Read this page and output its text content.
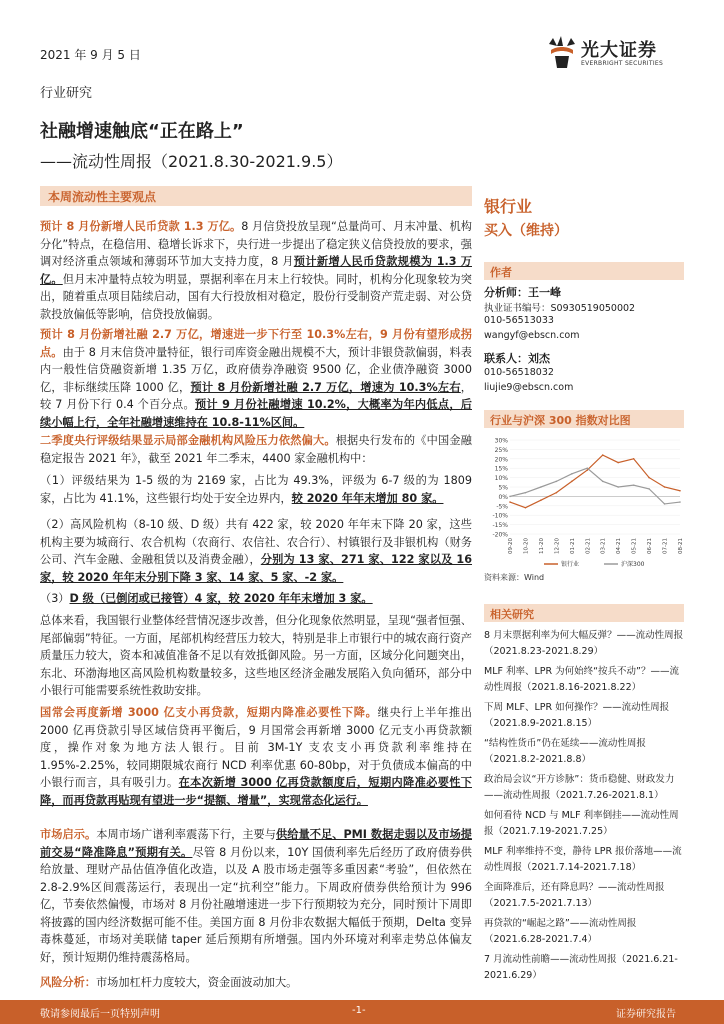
2021 年 9 月 5 日	光大证券
EVERBRIGHT SECURITIES
行业研究
社融增速触底“正在路上”
——流动性周报（2021.8.30-2021.9.5）
本周流动性主要观点

预计 8 月份新增人民币贷款 1.3 万亿。8 月信贷投放呈现“总量尚可、月末冲量、机构分化”特点，在稳信用、稳增长诉求下，央行进一步提出了稳定狭义信贷投放的要求，强调对经济重点领域和薄弱环节加大支持力度，8 月预计新增人民币贷款规模为 1.3 万亿。但月末冲量特点较为明显，票据利率在月末上行较快。同时，机构分化现象较为突出，随着重点项目陆续启动，国有大行投放相对稳定，股份行受制资产荒走弱、对公贷款投放偏低等影响，信贷投放偏弱。

预计 8 月份新增社融 2.7 万亿，增速进一步下行至 10.3%左右，9 月份有望形成拐点。由于 8 月末信贷冲量特征，银行司库资金融出规模不大，预计非银贷款偏弱，料表内一般性信贷融资新增 1.35 万亿，政府债券净融资 9500 亿，企业债净融资 3000 亿，非标继续压降 1000 亿，预计 8 月份新增社融 2.7 万亿，增速为 10.3%左右，较 7 月份下行 0.4 个百分点。预计 9 月份社融增速 10.2%，大概率为年内低点，后续小幅上行，全年社融增速维持在 10.8-11%区间。

二季度央行评级结果显示局部金融机构风险压力依然偏大。根据央行发布的《中国金融稳定报告 2021 年》，截至 2021 年二季末，4400 家金融机构中：

（1）评级结果为 1-5 级的为 2169 家，占比为 49.3%，评级为 6-7 级的为 1809 家，占比为 41.1%，这些银行均处于安全边界内，较 2020 年年末增加 80 家。

（2）高风险机构（8-10 级、D 级）共有 422 家，较 2020 年年末下降 20 家，这些机构主要为城商行、农合机构（农商行、农信社、农合行）、村镇银行及非银机构（财务公司、汽车金融、金融租赁以及消费金融），分别为 13 家、271 家、122 家以及 16 家，较 2020 年年末分别下降 3 家、14 家、5 家、-2 家。

（3）D 级（已倒闭或已接管）4 家，较 2020 年年末增加 3 家。

总体来看，我国银行业整体经营情况逐步改善，但分化现象依然明显，呈现“强者恒强、尾部偏弱”特征。一方面，尾部机构经营压力较大，特别是非上市银行中的城农商行资产质量压力较大，资本和减值准备不足以有效抵御风险。另一方面，区域分化问题突出，东北、环渤海地区高风险机构数量较多，这些地区经济金融发展陷入负向循环，部分中小银行可能需要系统性救助安排。

国常会再度新增 3000 亿支小再贷款，短期内降准必要性下降。继央行上半年推出 2000 亿再贷款引导区域信贷再平衡后，9 月国常会再新增 3000 亿元支小再贷款额度，操作对象为地方法人银行。目前 3M-1Y 支农支小再贷款利率维持在 1.95%-2.25%，较同期限城农商行 NCD 利率优惠 60-80bp，对于负债成本偏高的中小银行而言，具有吸引力。在本次新增 3000 亿再贷款额度后，短期内降准必要性下降，而再贷款再贴现有望进一步“提额、增量”，实现常态化运行。

市场启示。本周市场广谱利率震荡下行，主要与供给量不足、PMI 数据走弱以及市场提前交易“降准降息”预期有关。尽管 8 月份以来，10Y 国债利率先后经历了政府债券供给放量、理财产品估值净值化改造，以及 A 股市场走强等多重因素“考验”，但依然在 2.8-2.9%区间震荡运行，表现出一定“抗利空”能力。下周政府债券供给预计为 996 亿，节奏依然偏慢，市场对 8 月份社融增速进一步下行预期较为充分，同时预计下周即将披露的国内经济数据可能不佳。美国方面 8 月份非农数据大幅低于预期，Delta 变异毒株蔓延，市场对美联储 taper 延后预期有所增强。国内外环境对利率走势总体偏友好，预计短期仍维持震荡格局。

风险分析：市场加杠杆力度较大，资金面波动加大。

银行业
买入（维持）
作者
分析师：王一峰
执业证书编号：S0930519050002
010-56513033
wangyf@ebscn.com
联系人：刘杰
010-56518032
liujie9@ebscn.com
行业与沪深 300 指数对比图
30%
25%
20%
15%
10%
5%
0%
-5%
-10%
-15%
-20%
09-20 10-20 11-20 12-20 01-21 02-21 03-21 04-21 05-21 06-21 07-21 08-21
银行业	沪深300
资料来源：Wind
相关研究
8 月末票据利率为何大幅反弹？——流动性周报（2021.8.23-2021.8.29）
MLF 利率、LPR 为何始终“按兵不动”？——流动性周报（2021.8.16-2021.8.22）
下周 MLF、LPR 如何操作？——流动性周报（2021.8.9-2021.8.15）
“结构性货币”仍在延续——流动性周报（2021.8.2-2021.8.8）
政治局会议“开方诊脉”：货币稳健、财政发力——流动性周报（2021.7.26-2021.8.1）
如何看待 NCD 与 MLF 利率倒挂——流动性周报（2021.7.19-2021.7.25）
MLF 利率维持不变，静待 LPR 报价落地——流动性周报（2021.7.14-2021.7.18）
全面降准后，还有降息吗？——流动性周报（2021.7.5-2021.7.13）
再贷款的“崛起之路”——流动性周报（2021.6.28-2021.7.4）
7 月流动性前瞻——流动性周报（2021.6.21-2021.6.29）
敬请参阅最后一页特别声明	-1-	证券研究报告
